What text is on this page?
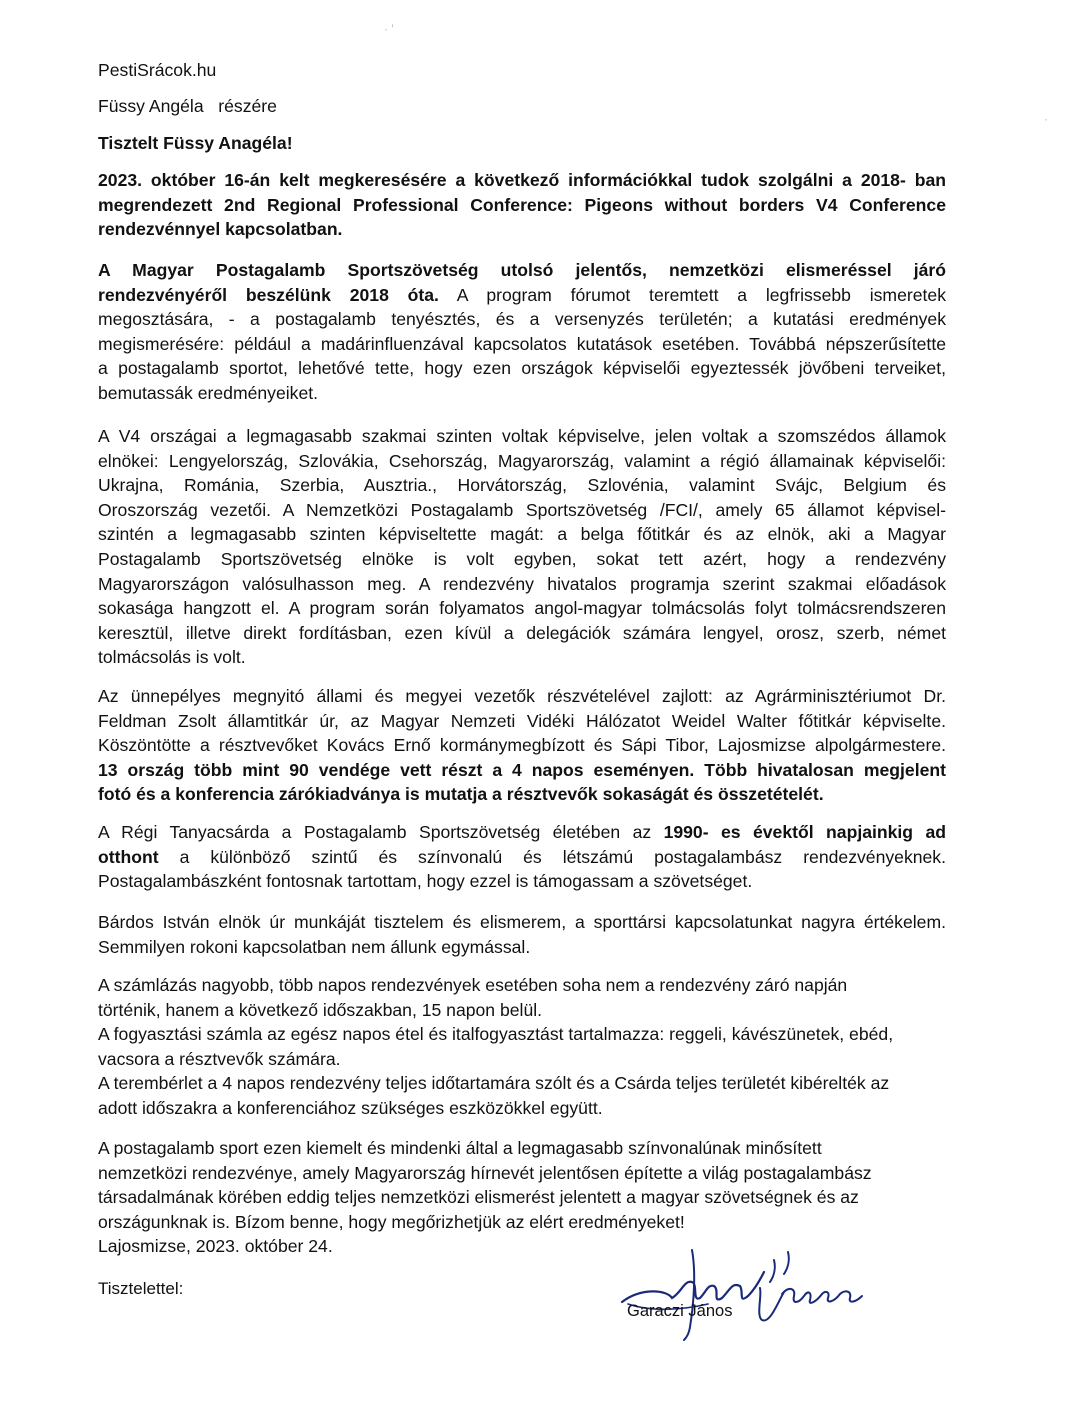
PestiSrácok.hu
Füssy Angéla   részére
Tisztelt Füssy Anagéla!
2023. október 16-án kelt megkeresésére a következő információkkal tudok szolgálni a 2018- ban
megrendezett 2nd Regional Professional Conference: Pigeons without borders V4 Conference
rendezvénnyel kapcsolatban.
A Magyar Postagalamb Sportszövetség utolsó jelentős, nemzetközi elismeréssel járó
rendezvényéről beszélünk 2018 óta. A program fórumot teremtett a legfrissebb ismeretek
megosztására, - a postagalamb tenyésztés, és a versenyzés területén; a kutatási eredmények
megismerésére: például a madárinfluenzával kapcsolatos kutatások esetében. Továbbá népszerűsítette
a postagalamb sportot, lehetővé tette, hogy ezen országok képviselői egyeztessék jövőbeni terveiket,
bemutassák eredményeiket.
A V4 országai a legmagasabb szakmai szinten voltak képviselve, jelen voltak a szomszédos államok
elnökei: Lengyelország, Szlovákia, Csehország, Magyarország, valamint a régió államainak képviselői:
Ukrajna, Románia, Szerbia, Ausztria., Horvátország, Szlovénia, valamint Svájc, Belgium és
Oroszország vezetői. A Nemzetközi Postagalamb Sportszövetség /FCI/, amely 65 államot képvisel-
szintén a legmagasabb szinten képviseltette magát: a belga főtitkár és az elnök, aki a Magyar
Postagalamb Sportszövetség elnöke is volt egyben, sokat tett azért, hogy a rendezvény
Magyarországon valósulhasson meg. A rendezvény hivatalos programja szerint szakmai előadások
sokasága hangzott el. A program során folyamatos angol-magyar tolmácsolás folyt tolmácsrendszeren
keresztül, illetve direkt fordításban, ezen kívül a delegációk számára lengyel, orosz, szerb, német
tolmácsolás is volt.
Az ünnepélyes megnyitó állami és megyei vezetők részvételével zajlott: az Agrárminisztériumot Dr.
Feldman Zsolt államtitkár úr, az Magyar Nemzeti Vidéki Hálózatot Weidel Walter főtitkár képviselte.
Köszöntötte a résztvevőket Kovács Ernő kormánymegbízott és Sápi Tibor, Lajosmizse alpolgármestere.
13 ország több mint 90 vendége vett részt a 4 napos eseményen. Több hivatalosan megjelent
fotó és a konferencia zárókiadványa is mutatja a résztvevők sokaságát és összetételét.
A Régi Tanyacsárda a Postagalamb Sportszövetség életében az 1990- es évektől napjainkig ad
otthont a különböző szintű és színvonalú és létszámú postagalambász rendezvényeknek.
Postagalambászként fontosnak tartottam, hogy ezzel is támogassam a szövetséget.
Bárdos István elnök úr munkáját tisztelem és elismerem, a sporttársi kapcsolatunkat nagyra értékelem.
Semmilyen rokoni kapcsolatban nem állunk egymással.
A számlázás nagyobb, több napos rendezvények esetében soha nem a rendezvény záró napján
történik, hanem a következő időszakban, 15 napon belül.
A fogyasztási számla az egész napos étel és italfogyasztást tartalmazza: reggeli, kávészünetek, ebéd,
vacsora a résztvevők számára.
A terembérlet a 4 napos rendezvény teljes időtartamára szólt és a Csárda teljes területét kibérelték az
adott időszakra a konferenciához szükséges eszközökkel együtt.
A postagalamb sport ezen kiemelt és mindenki által a legmagasabb színvonalúnak minősített
nemzetközi rendezvénye, amely Magyarország hírnevét jelentősen építette a világ postagalambász
társadalmának körében eddig teljes nemzetközi elismerést jelentett a magyar szövetségnek és az
országunknak is. Bízom benne, hogy megőrizhetjük az elért eredményeket!
Lajosmizse, 2023. október 24.
Tisztelettel:
Garaczi János
· '
·
